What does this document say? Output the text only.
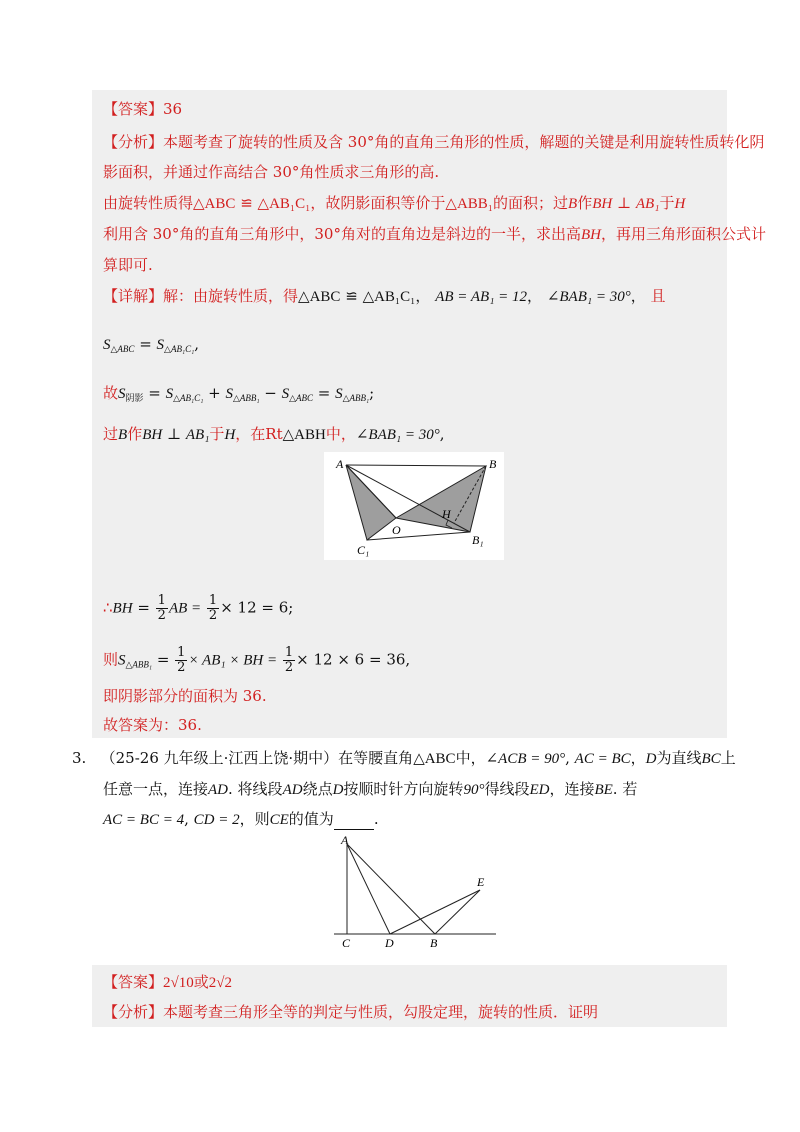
【答案】36
【分析】本题考查了旋转的性质及含 30°角的直角三角形的性质，解题的关键是利用旋转性质转化阴
影面积，并通过作高结合 30°角性质求三角形的高.
由旋转性质得△ABC ≌ △AB₁C₁，故阴影面积等价于△ABB₁的面积；过B作BH ⊥ AB₁于H
利用含 30°角的直角三角形中，30°角对的直角边是斜边的一半，求出高BH，再用三角形面积公式计
算即可.
【详解】解：由旋转性质，得△ABC ≌ △AB₁C₁， AB = AB₁ = 12， ∠BAB₁ = 30°， 且
$S_{\triangle ABC} = S_{\triangle AB_1C_1}$,
故$S_{阴影} = S_{\triangle AB_1C_1} + S_{\triangle ABB_1} - S_{\triangle ABC} = S_{\triangle ABB_1}$;
过B作BH ⊥ AB₁于H，在Rt△ABH中，∠BAB₁ = 30°,
A	B
H
O
C₁
B₁
∴BH = $\frac{1}{2}$ AB = $\frac{1}{2} \times 12 = 6$;
则$S_{\triangle ABB_1} = \frac{1}{2} \times AB_1$ × BH = $\frac{1}{2} \times 12 \times 6 = 36$,
即阴影部分的面积为 36.
故答案为：36.
3. （25-26 九年级上·江西上饶·期中）在等腰直角△ABC中，∠ACB = 90°, AC = BC，D为直线BC上
任意一点，连接AD. 将线段AD绕点D按顺时针方向旋转90°得线段ED，连接BE. 若
AC = BC = 4, CD = 2，则CE的值为	.
A
E
C	D	B
【答案】2√10或2√2
【分析】本题考查三角形全等的判定与性质，勾股定理，旋转的性质．证明
